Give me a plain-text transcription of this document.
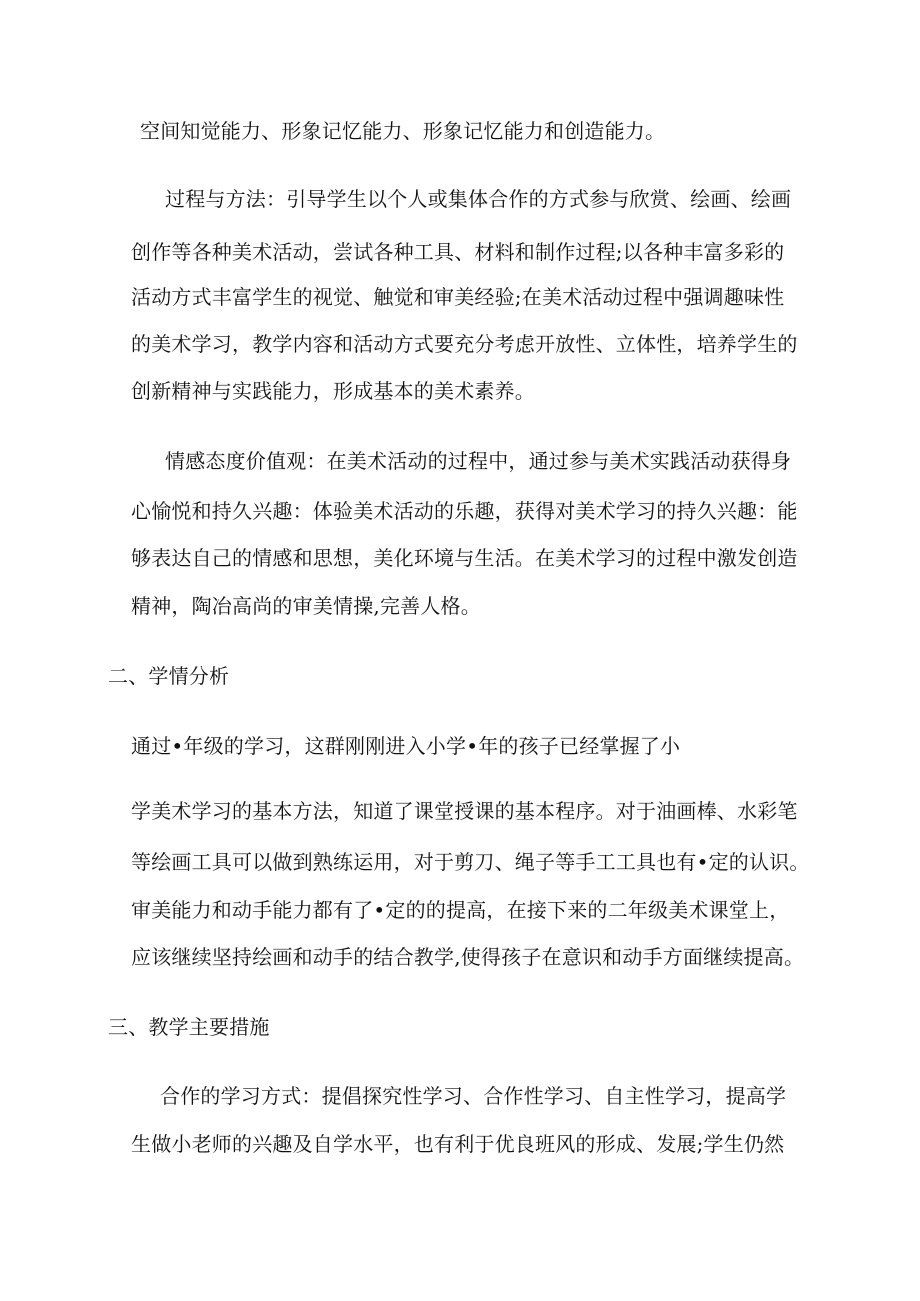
空间知觉能力、形象记忆能力、形象记忆能力和创造能力。
过程与方法：引导学生以个人或集体合作的方式参与欣赏、绘画、绘画
创作等各种美术活动，尝试各种工具、材料和制作过程;以各种丰富多彩的
活动方式丰富学生的视觉、触觉和审美经验;在美术活动过程中强调趣味性
的美术学习，教学内容和活动方式要充分考虑开放性、立体性，培养学生的
创新精神与实践能力，形成基本的美术素养。
情感态度价值观：在美术活动的过程中，通过参与美术实践活动获得身
心愉悦和持久兴趣：体验美术活动的乐趣，获得对美术学习的持久兴趣：能
够表达自己的情感和思想，美化环境与生活。在美术学习的过程中激发创造
精神，陶冶高尚的审美情操,完善人格。
二、学情分析
通过•年级的学习，这群刚刚进入小学•年的孩子已经掌握了小
学美术学习的基本方法，知道了课堂授课的基本程序。对于油画棒、水彩笔
等绘画工具可以做到熟练运用，对于剪刀、绳子等手工工具也有•定的认识。
审美能力和动手能力都有了•定的的提高，在接下来的二年级美术课堂上，
应该继续坚持绘画和动手的结合教学,使得孩子在意识和动手方面继续提高。
三、教学主要措施
合作的学习方式：提倡探究性学习、合作性学习、自主性学习，提高学
生做小老师的兴趣及自学水平，也有利于优良班风的形成、发展;学生仍然
